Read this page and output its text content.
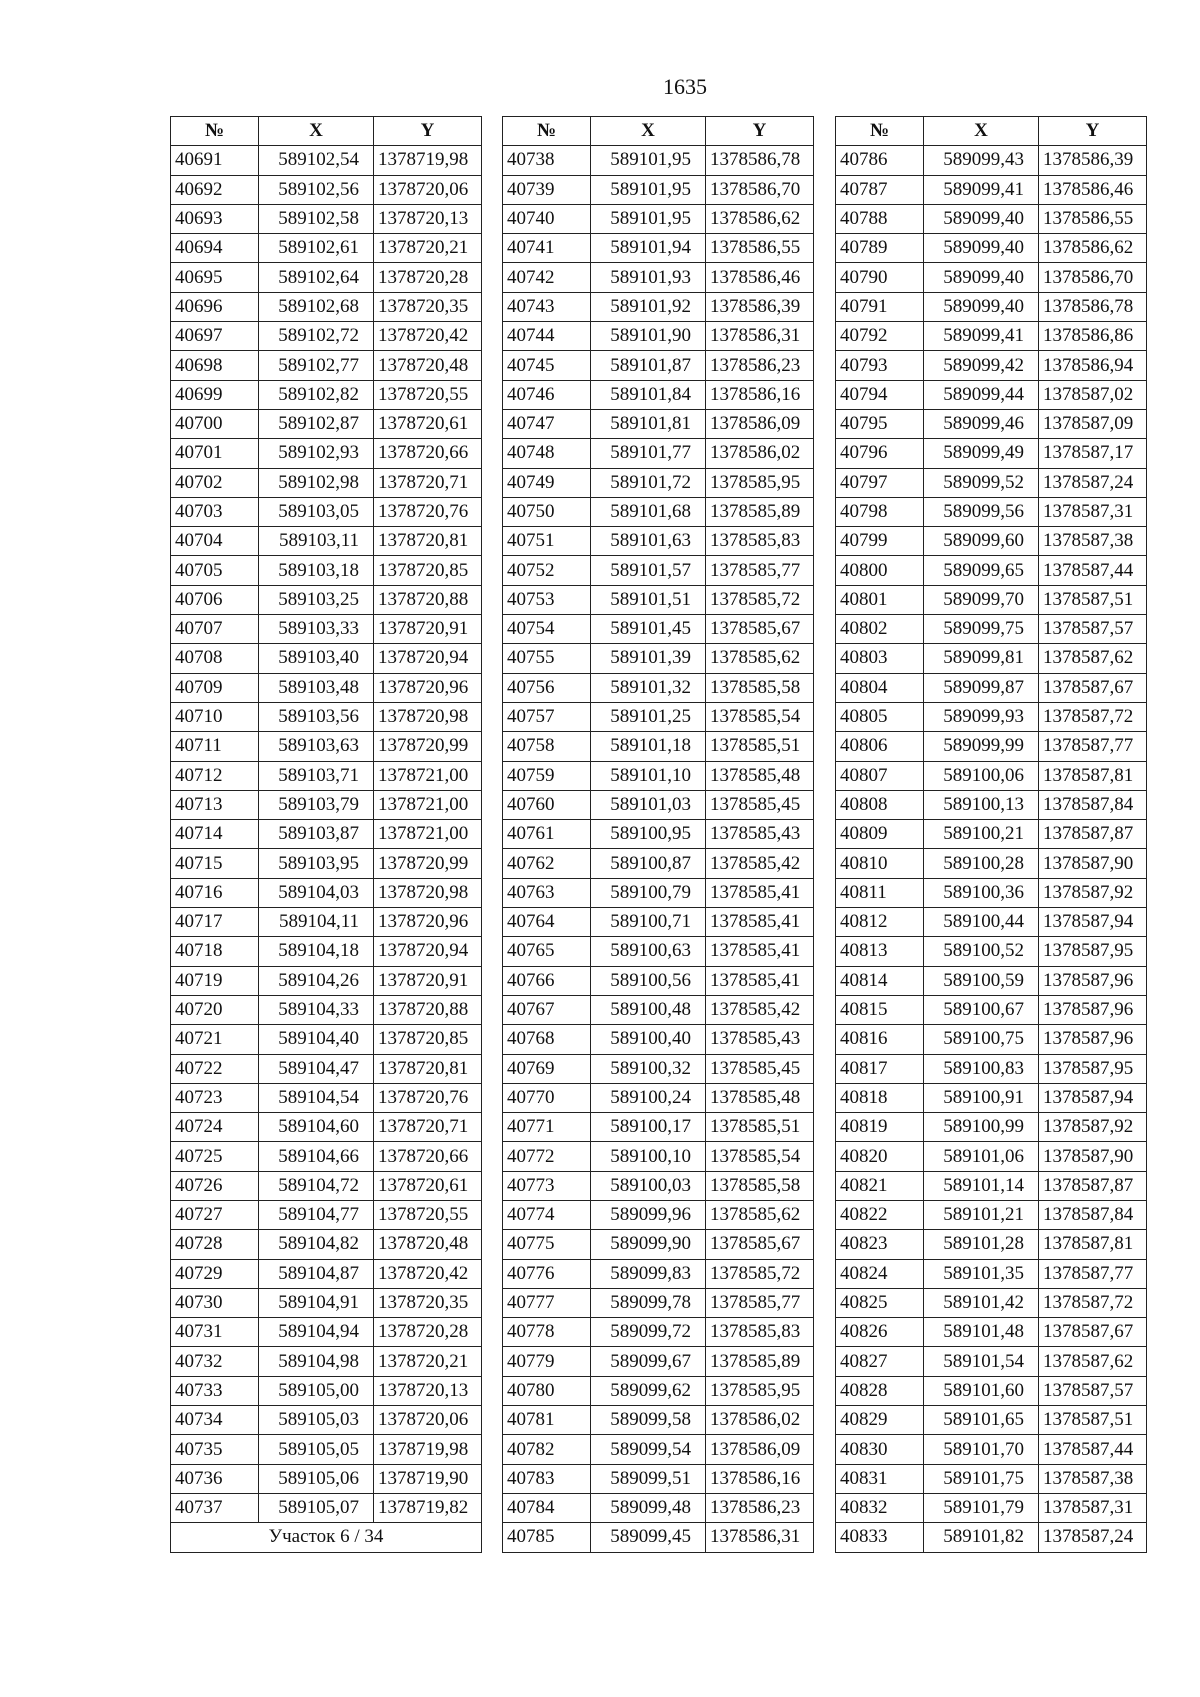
1635
№	X	Y
40691	589102,54	1378719,98
40692	589102,56	1378720,06
40693	589102,58	1378720,13
40694	589102,61	1378720,21
40695	589102,64	1378720,28
40696	589102,68	1378720,35
40697	589102,72	1378720,42
40698	589102,77	1378720,48
40699	589102,82	1378720,55
40700	589102,87	1378720,61
40701	589102,93	1378720,66
40702	589102,98	1378720,71
40703	589103,05	1378720,76
40704	589103,11	1378720,81
40705	589103,18	1378720,85
40706	589103,25	1378720,88
40707	589103,33	1378720,91
40708	589103,40	1378720,94
40709	589103,48	1378720,96
40710	589103,56	1378720,98
40711	589103,63	1378720,99
40712	589103,71	1378721,00
40713	589103,79	1378721,00
40714	589103,87	1378721,00
40715	589103,95	1378720,99
40716	589104,03	1378720,98
40717	589104,11	1378720,96
40718	589104,18	1378720,94
40719	589104,26	1378720,91
40720	589104,33	1378720,88
40721	589104,40	1378720,85
40722	589104,47	1378720,81
40723	589104,54	1378720,76
40724	589104,60	1378720,71
40725	589104,66	1378720,66
40726	589104,72	1378720,61
40727	589104,77	1378720,55
40728	589104,82	1378720,48
40729	589104,87	1378720,42
40730	589104,91	1378720,35
40731	589104,94	1378720,28
40732	589104,98	1378720,21
40733	589105,00	1378720,13
40734	589105,03	1378720,06
40735	589105,05	1378719,98
40736	589105,06	1378719,90
40737	589105,07	1378719,82
Участок 6 / 34		
№	X	Y
40738	589101,95	1378586,78
40739	589101,95	1378586,70
40740	589101,95	1378586,62
40741	589101,94	1378586,55
40742	589101,93	1378586,46
40743	589101,92	1378586,39
40744	589101,90	1378586,31
40745	589101,87	1378586,23
40746	589101,84	1378586,16
40747	589101,81	1378586,09
40748	589101,77	1378586,02
40749	589101,72	1378585,95
40750	589101,68	1378585,89
40751	589101,63	1378585,83
40752	589101,57	1378585,77
40753	589101,51	1378585,72
40754	589101,45	1378585,67
40755	589101,39	1378585,62
40756	589101,32	1378585,58
40757	589101,25	1378585,54
40758	589101,18	1378585,51
40759	589101,10	1378585,48
40760	589101,03	1378585,45
40761	589100,95	1378585,43
40762	589100,87	1378585,42
40763	589100,79	1378585,41
40764	589100,71	1378585,41
40765	589100,63	1378585,41
40766	589100,56	1378585,41
40767	589100,48	1378585,42
40768	589100,40	1378585,43
40769	589100,32	1378585,45
40770	589100,24	1378585,48
40771	589100,17	1378585,51
40772	589100,10	1378585,54
40773	589100,03	1378585,58
40774	589099,96	1378585,62
40775	589099,90	1378585,67
40776	589099,83	1378585,72
40777	589099,78	1378585,77
40778	589099,72	1378585,83
40779	589099,67	1378585,89
40780	589099,62	1378585,95
40781	589099,58	1378586,02
40782	589099,54	1378586,09
40783	589099,51	1378586,16
40784	589099,48	1378586,23
40785	589099,45	1378586,31
№	X	Y
40786	589099,43	1378586,39
40787	589099,41	1378586,46
40788	589099,40	1378586,55
40789	589099,40	1378586,62
40790	589099,40	1378586,70
40791	589099,40	1378586,78
40792	589099,41	1378586,86
40793	589099,42	1378586,94
40794	589099,44	1378587,02
40795	589099,46	1378587,09
40796	589099,49	1378587,17
40797	589099,52	1378587,24
40798	589099,56	1378587,31
40799	589099,60	1378587,38
40800	589099,65	1378587,44
40801	589099,70	1378587,51
40802	589099,75	1378587,57
40803	589099,81	1378587,62
40804	589099,87	1378587,67
40805	589099,93	1378587,72
40806	589099,99	1378587,77
40807	589100,06	1378587,81
40808	589100,13	1378587,84
40809	589100,21	1378587,87
40810	589100,28	1378587,90
40811	589100,36	1378587,92
40812	589100,44	1378587,94
40813	589100,52	1378587,95
40814	589100,59	1378587,96
40815	589100,67	1378587,96
40816	589100,75	1378587,96
40817	589100,83	1378587,95
40818	589100,91	1378587,94
40819	589100,99	1378587,92
40820	589101,06	1378587,90
40821	589101,14	1378587,87
40822	589101,21	1378587,84
40823	589101,28	1378587,81
40824	589101,35	1378587,77
40825	589101,42	1378587,72
40826	589101,48	1378587,67
40827	589101,54	1378587,62
40828	589101,60	1378587,57
40829	589101,65	1378587,51
40830	589101,70	1378587,44
40831	589101,75	1378587,38
40832	589101,79	1378587,31
40833	589101,82	1378587,24
